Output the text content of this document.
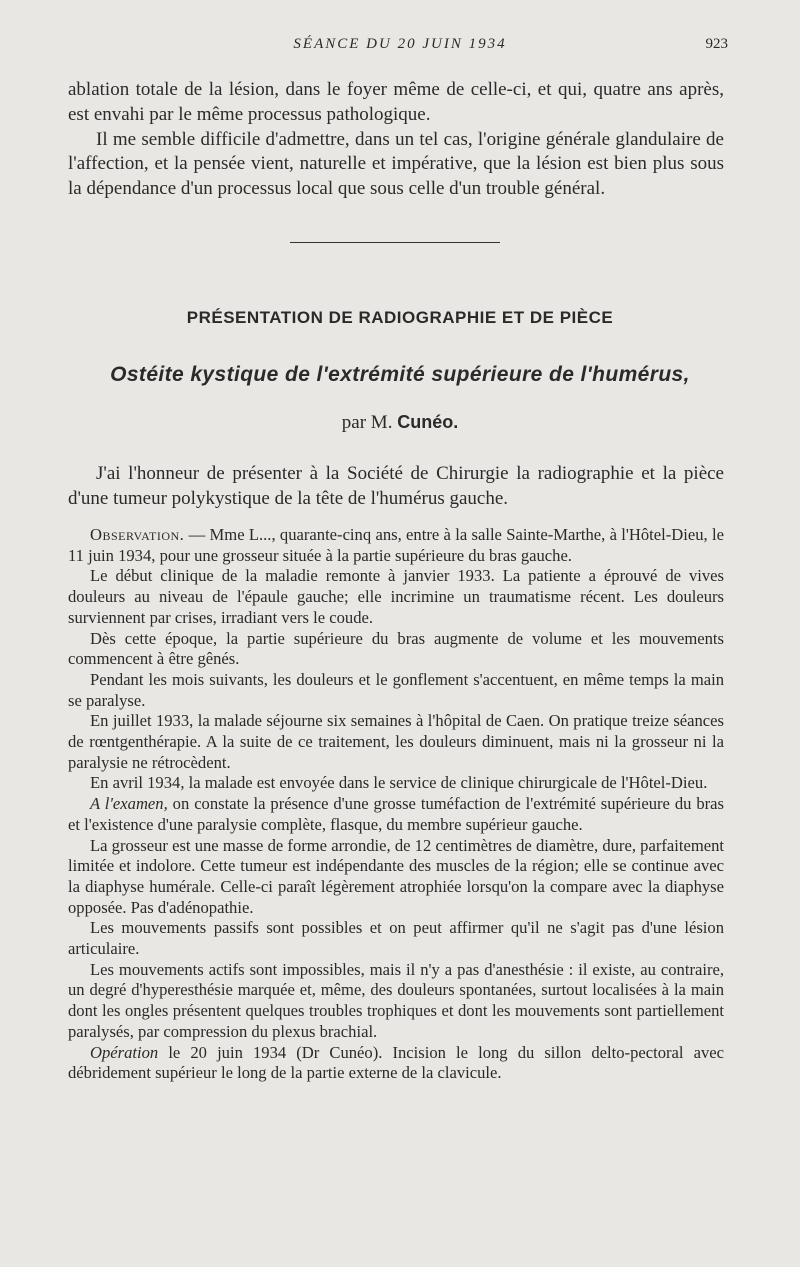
SÉANCE DU 20 JUIN 1934	923

ablation totale de la lésion, dans le foyer même de celle-ci, et qui, quatre ans après, est envahi par le même processus pathologique.

Il me semble difficile d'admettre, dans un tel cas, l'origine générale glandulaire de l'affection, et la pensée vient, naturelle et impérative, que la lésion est bien plus sous la dépendance d'un processus local que sous celle d'un trouble général.

PRÉSENTATION DE RADIOGRAPHIE ET DE PIÈCE
Ostéite kystique de l'extrémité supérieure de l'humérus,
par M. Cunéo.

J'ai l'honneur de présenter à la Société de Chirurgie la radiographie et la pièce d'une tumeur polykystique de la tête de l'humérus gauche.

Observation. — Mme L..., quarante-cinq ans, entre à la salle Sainte-Marthe, à l'Hôtel-Dieu, le 11 juin 1934, pour une grosseur située à la partie supérieure du bras gauche.

Le début clinique de la maladie remonte à janvier 1933. La patiente a éprouvé de vives douleurs au niveau de l'épaule gauche; elle incrimine un traumatisme récent. Les douleurs surviennent par crises, irradiant vers le coude.

Dès cette époque, la partie supérieure du bras augmente de volume et les mouvements commencent à être gênés.

Pendant les mois suivants, les douleurs et le gonflement s'accentuent, en même temps la main se paralyse.

En juillet 1933, la malade séjourne six semaines à l'hôpital de Caen. On pratique treize séances de rœntgenthérapie. A la suite de ce traitement, les douleurs diminuent, mais ni la grosseur ni la paralysie ne rétrocèdent.

En avril 1934, la malade est envoyée dans le service de clinique chirurgicale de l'Hôtel-Dieu.

A l'examen, on constate la présence d'une grosse tuméfaction de l'extrémité supérieure du bras et l'existence d'une paralysie complète, flasque, du membre supérieur gauche.

La grosseur est une masse de forme arrondie, de 12 centimètres de diamètre, dure, parfaitement limitée et indolore. Cette tumeur est indépendante des muscles de la région; elle se continue avec la diaphyse humérale. Celle-ci paraît légèrement atrophiée lorsqu'on la compare avec la diaphyse opposée. Pas d'adénopathie.

Les mouvements passifs sont possibles et on peut affirmer qu'il ne s'agit pas d'une lésion articulaire.

Les mouvements actifs sont impossibles, mais il n'y a pas d'anesthésie : il existe, au contraire, un degré d'hyperesthésie marquée et, même, des douleurs spontanées, surtout localisées à la main dont les ongles présentent quelques troubles trophiques et dont les mouvements sont partiellement paralysés, par compression du plexus brachial.

Opération le 20 juin 1934 (Dr Cunéo). Incision le long du sillon delto-pectoral avec débridement supérieur le long de la partie externe de la clavicule.
